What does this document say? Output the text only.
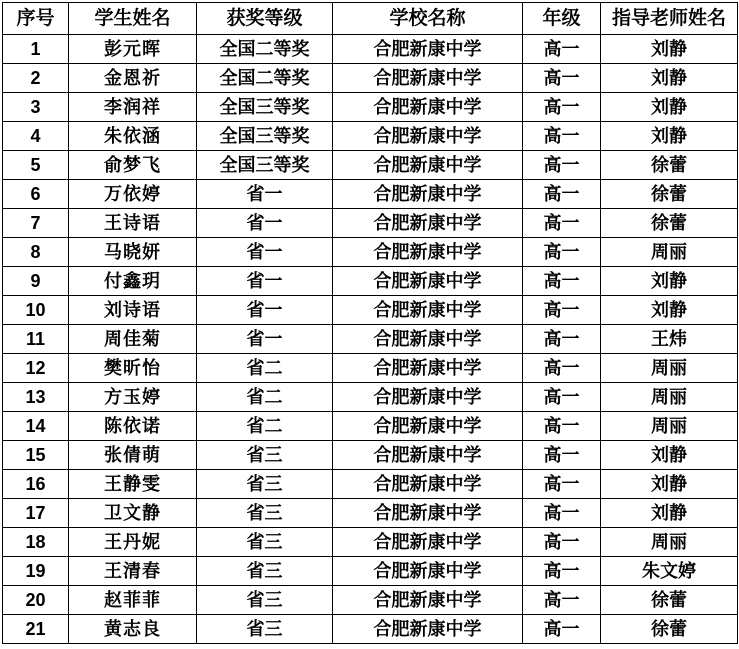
序号	学生姓名	获奖等级	学校名称	年级	指导老师姓名
1	彭元晖	全国二等奖	合肥新康中学	高一	刘静
2	金恩祈	全国二等奖	合肥新康中学	高一	刘静
3	李润祥	全国三等奖	合肥新康中学	高一	刘静
4	朱依涵	全国三等奖	合肥新康中学	高一	刘静
5	俞梦飞	全国三等奖	合肥新康中学	高一	徐蕾
6	万依婷	省一	合肥新康中学	高一	徐蕾
7	王诗语	省一	合肥新康中学	高一	徐蕾
8	马晓妍	省一	合肥新康中学	高一	周丽
9	付鑫玥	省一	合肥新康中学	高一	刘静
10	刘诗语	省一	合肥新康中学	高一	刘静
11	周佳菊	省一	合肥新康中学	高一	王炜
12	樊昕怡	省二	合肥新康中学	高一	周丽
13	方玉婷	省二	合肥新康中学	高一	周丽
14	陈依诺	省二	合肥新康中学	高一	周丽
15	张倩萌	省三	合肥新康中学	高一	刘静
16	王静雯	省三	合肥新康中学	高一	刘静
17	卫文静	省三	合肥新康中学	高一	刘静
18	王丹妮	省三	合肥新康中学	高一	周丽
19	王清春	省三	合肥新康中学	高一	朱文婷
20	赵菲菲	省三	合肥新康中学	高一	徐蕾
21	黄志良	省三	合肥新康中学	高一	徐蕾
